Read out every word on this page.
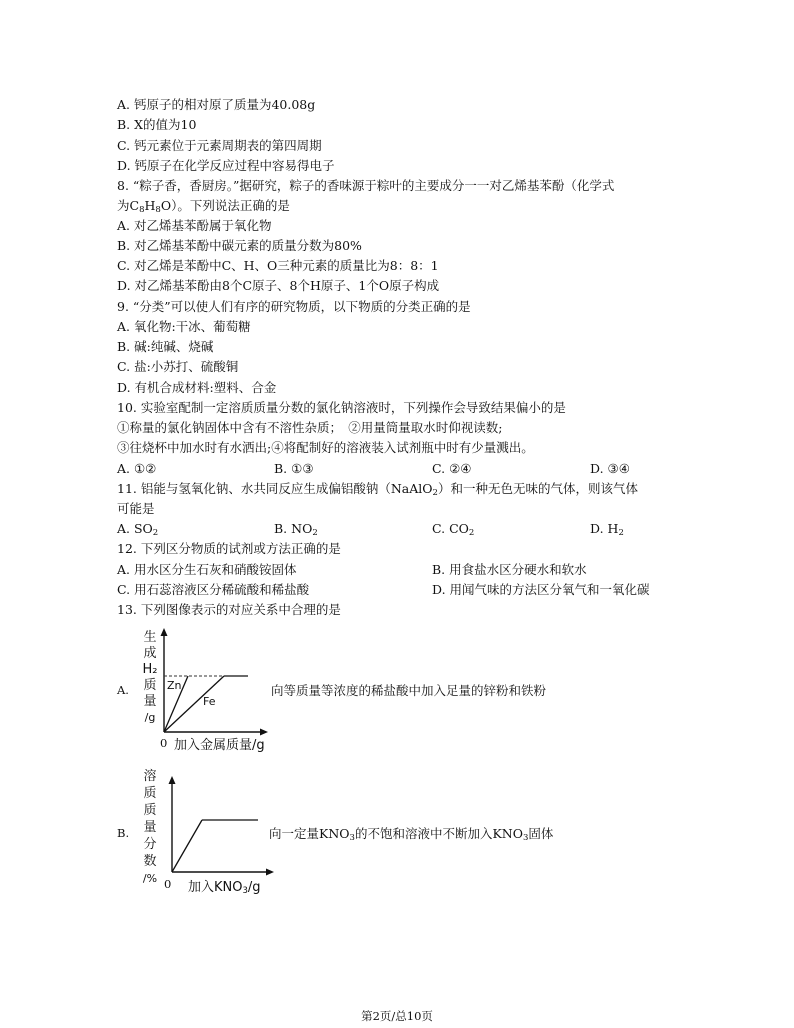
A. 钙原子的相对原了质量为40.08g
B. X的值为10
C. 钙元素位于元素周期表的第四周期
D. 钙原子在化学反应过程中容易得电子
8. “粽子香，香厨房。”据研究，粽子的香味源于粽叶的主要成分一一对乙烯基苯酚（化学式
为$C_8H_8O$）。下列说法正确的是
A. 对乙烯基苯酚属于氧化物
B. 对乙烯基苯酚中碳元素的质量分数为80%
C. 对乙烯是苯酚中C、H、O三种元素的质量比为8：8：1
D. 对乙烯基苯酚由8个C原子、8个H原子、1个O原子构成
9. “分类”可以使人们有序的研究物质，以下物质的分类正确的是
A. 氧化物:干冰、葡萄糖
B. 碱:纯碱、烧碱
C. 盐:小苏打、硫酸铜
D. 有机合成材料:塑料、合金
10. 实验室配制一定溶质质量分数的氯化钠溶液时，下列操作会导致结果偏小的是
①称量的氯化钠固体中含有不溶性杂质；　②用量筒量取水时仰视读数;
③往烧杯中加水时有水洒出;④将配制好的溶液装入试剂瓶中时有少量溅出。
A. ①②	B. ①③	C. ②④	D. ③④
11. 铝能与氢氧化钠、水共同反应生成偏铝酸钠（NaAlO$_2$）和一种无色无味的气体，则该气体
可能是
A. $SO_2$	B. $NO_2$	C. $CO_2$	D. $H_2$
12. 下列区分物质的试剂或方法正确的是
A. 用水区分生石灰和硝酸铵固体	B. 用食盐水区分硬水和软水
C. 用石蕊溶液区分稀硫酸和稀盐酸	D. 用闻气味的方法区分氧气和一氧化碳
13. 下列图像表示的对应关系中合理的是
A.
生
成
H₂
质
量
/g
Zn
Fe
0 加入金属质量/g
向等质量等浓度的稀盐酸中加入足量的锌粉和铁粉
B.
溶
质
质
量
分
数
/% 0 加入$KNO_3/g$
向一定量$KNO_3$的不饱和溶液中不断加入$KNO_3$固体
第2页/总10页
